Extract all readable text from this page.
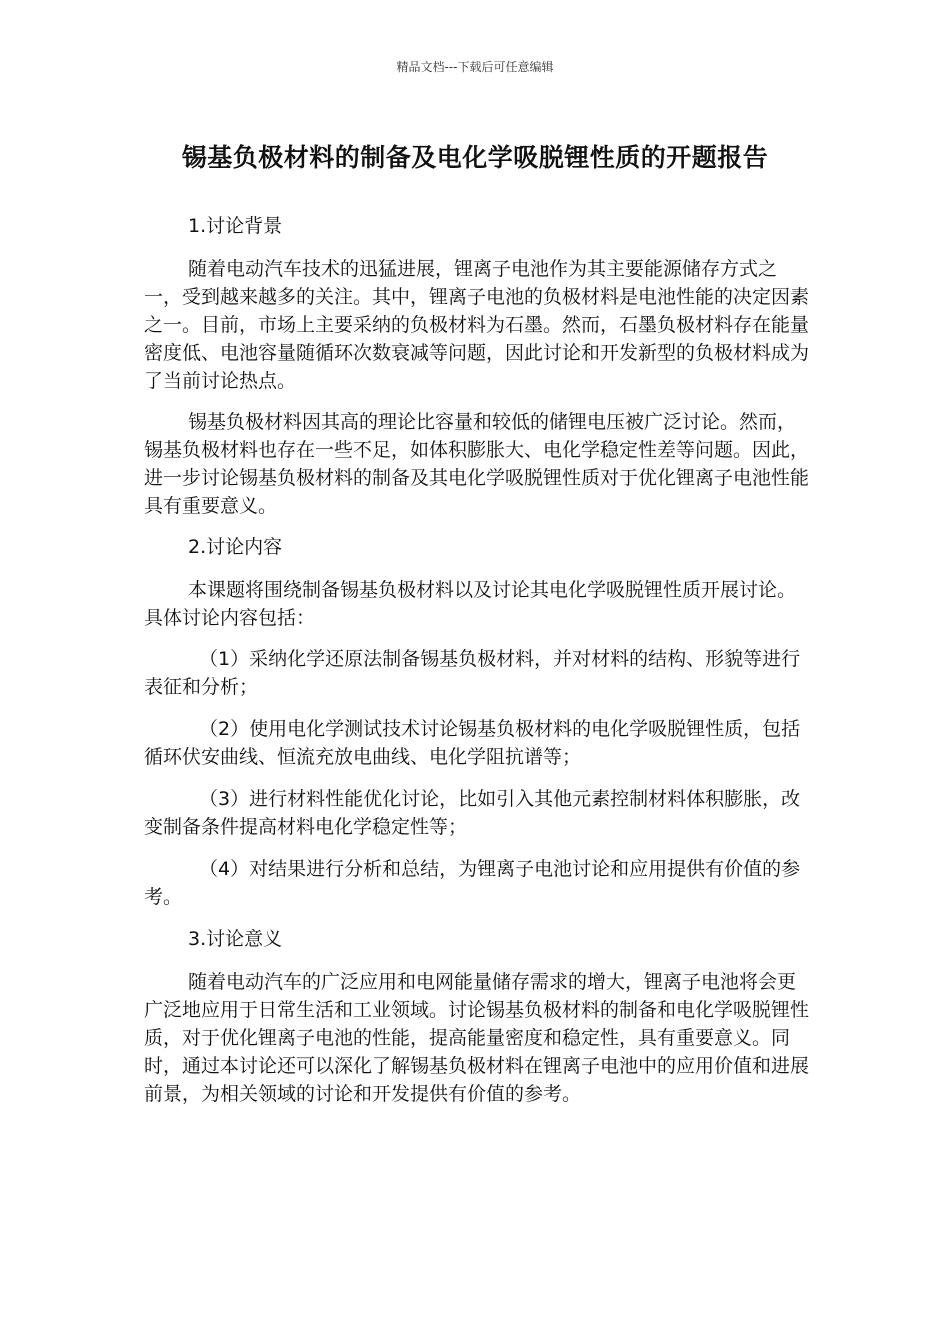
精品文档---下载后可任意编辑
锡基负极材料的制备及电化学吸脱锂性质的开题报告

1.讨论背景

随着电动汽车技术的迅猛进展，锂离子电池作为其主要能源储存方式之一，受到越来越多的关注。其中，锂离子电池的负极材料是电池性能的决定因素之一。目前，市场上主要采纳的负极材料为石墨。然而，石墨负极材料存在能量密度低、电池容量随循环次数衰减等问题，因此讨论和开发新型的负极材料成为了当前讨论热点。

锡基负极材料因其高的理论比容量和较低的储锂电压被广泛讨论。然而，锡基负极材料也存在一些不足，如体积膨胀大、电化学稳定性差等问题。因此，进一步讨论锡基负极材料的制备及其电化学吸脱锂性质对于优化锂离子电池性能具有重要意义。

2.讨论内容

本课题将围绕制备锡基负极材料以及讨论其电化学吸脱锂性质开展讨论。具体讨论内容包括：

（1）采纳化学还原法制备锡基负极材料，并对材料的结构、形貌等进行表征和分析；

（2）使用电化学测试技术讨论锡基负极材料的电化学吸脱锂性质，包括循环伏安曲线、恒流充放电曲线、电化学阻抗谱等；

（3）进行材料性能优化讨论，比如引入其他元素控制材料体积膨胀，改变制备条件提高材料电化学稳定性等；

（4）对结果进行分析和总结，为锂离子电池讨论和应用提供有价值的参考。

3.讨论意义

随着电动汽车的广泛应用和电网能量储存需求的增大，锂离子电池将会更广泛地应用于日常生活和工业领域。讨论锡基负极材料的制备和电化学吸脱锂性质，对于优化锂离子电池的性能，提高能量密度和稳定性，具有重要意义。同时，通过本讨论还可以深化了解锡基负极材料在锂离子电池中的应用价值和进展前景，为相关领域的讨论和开发提供有价值的参考。
